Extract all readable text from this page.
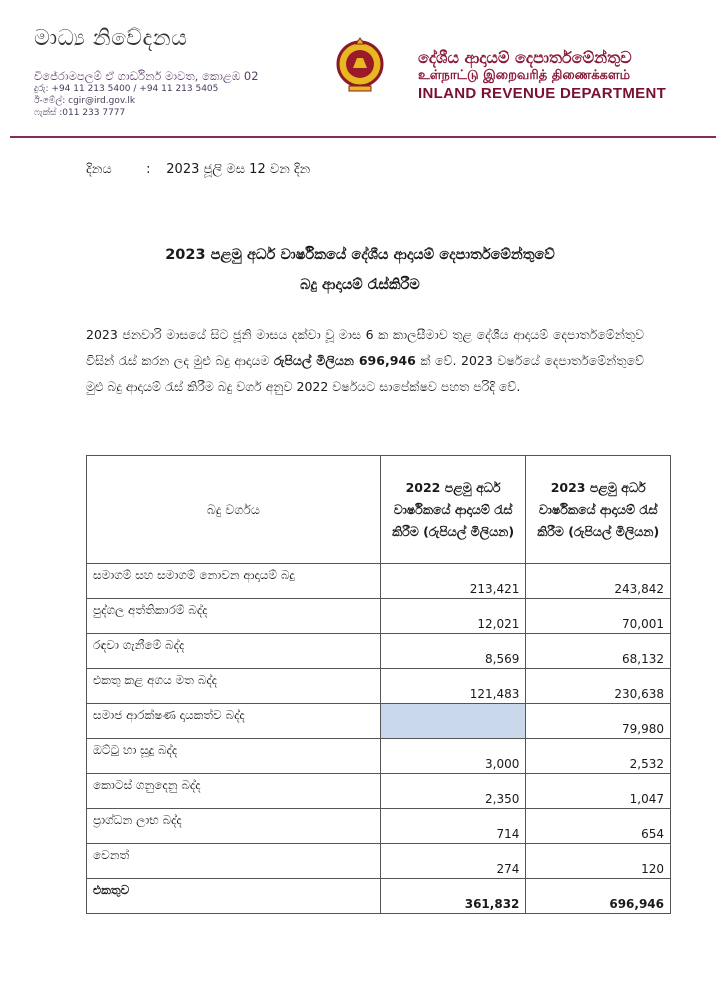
මාධ්‍ය නිවේදනය
විජේරාමපලම් ඒ ගාර්ඩිනර් මාවත, කොළඹ 02
දුරු: +94 11 213 5400 / +94 11 213 5405
ඊ-මේල්: cgir@ird.gov.lk
ෆැක්ස් :011 233 7777
දේශීය ආදායම් දෙපාර්තමේන්තුව
உள்நாட்டு இறைவரித் திணைக்களம்
INLAND REVENUE DEPARTMENT
දිනය	: 2023 ජූලි මස 12 වන දින
2023 පළමු අර්ධ වාර්ෂිකයේ දේශීය ආදායම් දෙපාර්තමේන්තුවේ
බදු ආදායම් රැස්කිරීම
2023 ජනවාරි මාසයේ සිට ජූනි මාසය දක්වා වූ මාස 6 ක කාලසීමාව තුළ දේශීය ආදායම් දෙපාර්තමේන්තුව විසින් රැස් කරන ලද මුළු බදු ආදායම රුපියල් මිලියන 696,946 ක් වේ. 2023 වර්ෂයේ දෙපාර්තමේන්තුවේ මුළු බදු ආදායම් රැස් කිරීම බදු වර්ග අනුව 2022 වර්ෂයට සාපේක්ෂව පහත පරිදි වේ.
බදු වර්ගය	2022 පළමු අර්ධ වාර්ෂිකයේ ආදායම් රැස් කිරීම (රුපියල් මිලියන)	2023 පළමු අර්ධ වාර්ෂිකයේ ආදායම් රැස් කිරීම (රුපියල් මිලියන)
සමාගම් සහ සමාගම් නොවන ආදායම් බදු	213,421	243,842
පුද්ගල අත්තිකාරම් බද්ද	12,021	70,001
රඳවා ගැනීමේ බද්ද	8,569	68,132
එකතු කළ අගය මත බද්ද	121,483	230,638
සමාජ ආරක්ෂණ දායකත්ව බද්ද		79,980
ඔට්ටු හා සූදු බද්ද	3,000	2,532
කොටස් ගනුදෙනු බද්ද	2,350	1,047
ප්‍රාග්ධන ලාභ බද්ද	714	654
වෙනත්	274	120
එකතුව	361,832	696,946
